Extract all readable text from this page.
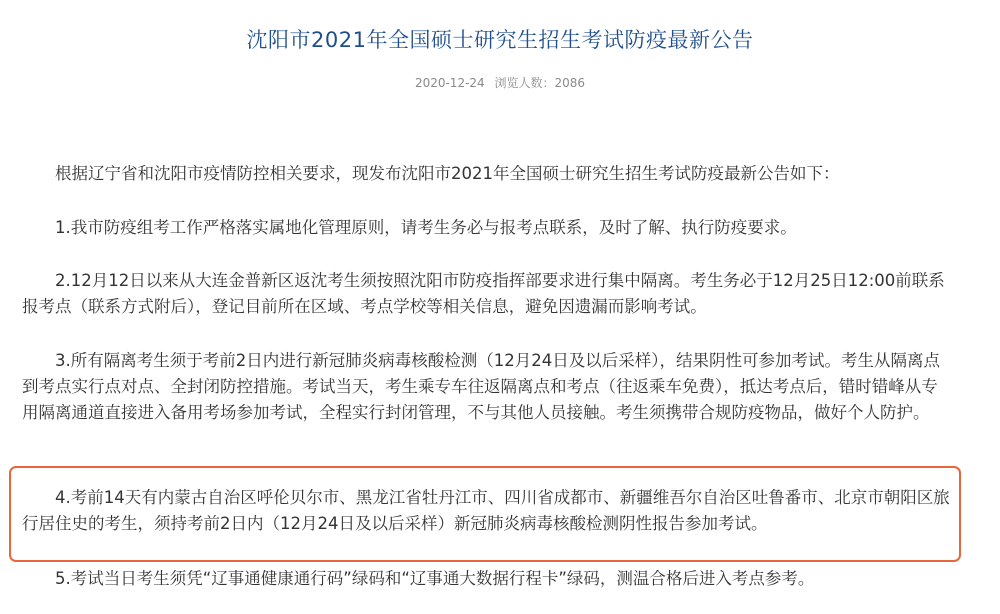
沈阳市2021年全国硕士研究生招生考试防疫最新公告
2020-12-24 浏览人数：2086
根据辽宁省和沈阳市疫情防控相关要求，现发布沈阳市2021年全国硕士研究生招生考试防疫最新公告如下：
1.我市防疫组考工作严格落实属地化管理原则，请考生务必与报考点联系，及时了解、执行防疫要求。
2.12月12日以来从大连金普新区返沈考生须按照沈阳市防疫指挥部要求进行集中隔离。考生务必于12月25日12:00前联系报考点（联系方式附后），登记目前所在区域、考点学校等相关信息，避免因遗漏而影响考试。
3.所有隔离考生须于考前2日内进行新冠肺炎病毒核酸检测（12月24日及以后采样），结果阴性可参加考试。考生从隔离点到考点实行点对点、全封闭防控措施。考试当天，考生乘专车往返隔离点和考点（往返乘车免费），抵达考点后，错时错峰从专用隔离通道直接进入备用考场参加考试，全程实行封闭管理，不与其他人员接触。考生须携带合规防疫物品，做好个人防护。
4.考前14天有内蒙古自治区呼伦贝尔市、黑龙江省牡丹江市、四川省成都市、新疆维吾尔自治区吐鲁番市、北京市朝阳区旅行居住史的考生，须持考前2日内（12月24日及以后采样）新冠肺炎病毒核酸检测阴性报告参加考试。
5.考试当日考生须凭“辽事通健康通行码”绿码和“辽事通大数据行程卡”绿码，测温合格后进入考点参考。
